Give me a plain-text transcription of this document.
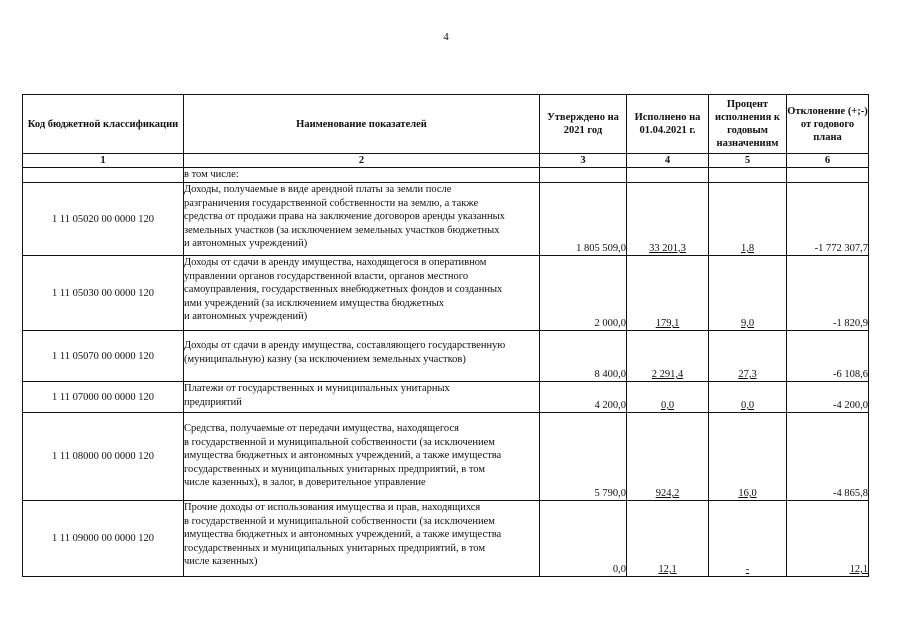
4
Код бюджетной классификации	Наименование показателей	Утверждено на 2021 год	Исполнено на 01.04.2021 г.	Процент исполнения к годовым назначениям	Отклонение (+;-) от годового плана
1	2	3	4	5	6
	в том числе:				
1 11 05020 00 0000 120	Доходы, получаемые в виде арендной платы за земли после
разграничения государственной собственности на землю, а также
средства от продажи права на заключение договоров аренды указанных
земельных участков (за исключением земельных участков бюджетных
и автономных учреждений)	1 805 509,0	33 201,3	1,8	-1 772 307,7
1 11 05030 00 0000 120	Доходы от сдачи в аренду имущества, находящегося в оперативном
управлении органов государственной власти, органов местного
самоуправления, государственных внебюджетных фондов и созданных
ими учреждений (за исключением имущества бюджетных
и автономных учреждений)	2 000,0	179,1	9,0	-1 820,9
1 11 05070 00 0000 120	Доходы от сдачи в аренду имущества, составляющего государственную
(муниципальную) казну (за исключением земельных участков)	8 400,0	2 291,4	27,3	-6 108,6
1 11 07000 00 0000 120	Платежи от государственных и муниципальных унитарных
предприятий	4 200,0	0,0	0,0	-4 200,0
1 11 08000 00 0000 120	Средства, получаемые от передачи имущества, находящегося
в государственной и муниципальной собственности (за исключением
имущества бюджетных и автономных учреждений, а также имущества
государственных и муниципальных унитарных предприятий, в том
числе казенных), в залог, в доверительное управление	5 790,0	924,2	16,0	-4 865,8
1 11 09000 00 0000 120	Прочие доходы от использования имущества и прав, находящихся
в государственной и муниципальной собственности (за исключением
имущества бюджетных и автономных учреждений, а также имущества
государственных и муниципальных унитарных предприятий, в том
числе казенных)	0,0	12,1	-	12,1
